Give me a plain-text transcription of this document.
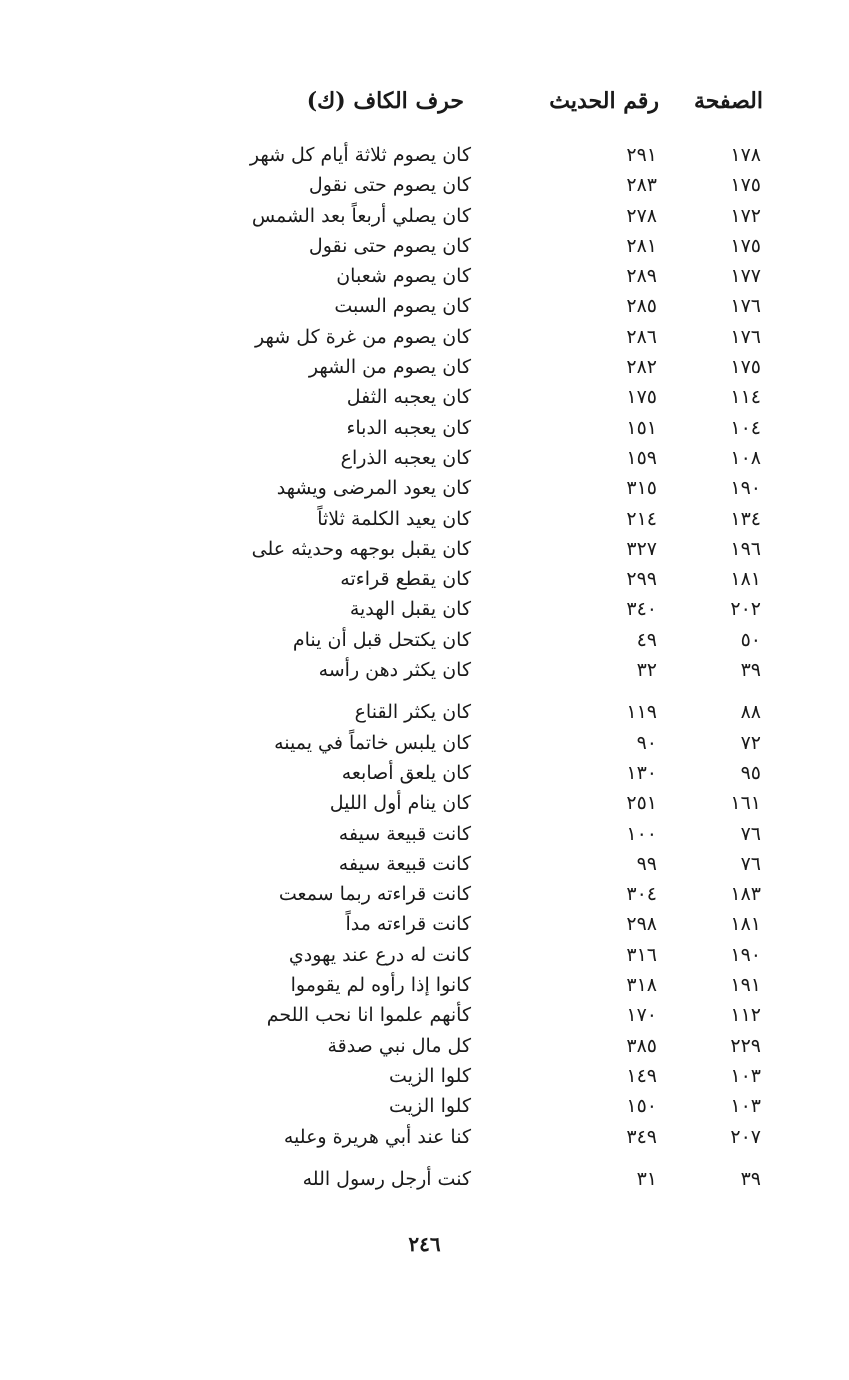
الصفحة
رقم الحديث
حرف الكاف (ك)
١٧٨
٢٩١
كان يصوم ثلاثة أيام كل شهر
١٧٥
٢٨٣
كان يصوم حتى نقول
١٧٢
٢٧٨
كان يصلي أربعاً بعد الشمس
١٧٥
٢٨١
كان يصوم حتى نقول
١٧٧
٢٨٩
كان يصوم شعبان
١٧٦
٢٨٥
كان يصوم السبت
١٧٦
٢٨٦
كان يصوم من غرة كل شهر
١٧٥
٢٨٢
كان يصوم من الشهر
١١٤
١٧٥
كان يعجبه الثفل
١٠٤
١٥١
كان يعجبه الدباء
١٠٨
١٥٩
كان يعجبه الذراع
١٩٠
٣١٥
كان يعود المرضى ويشهد
١٣٤
٢١٤
كان يعيد الكلمة ثلاثاً
١٩٦
٣٢٧
كان يقبل بوجهه وحديثه على
١٨١
٢٩٩
كان يقطع قراءته
٢٠٢
٣٤٠
كان يقبل الهدية
٥٠
٤٩
كان يكتحل قبل أن ينام
٣٩
٣٢
كان يكثر دهن رأسه
٨٨
١١٩
كان يكثر القناع
٧٢
٩٠
كان يلبس خاتماً في يمينه
٩٥
١٣٠
كان يلعق أصابعه
١٦١
٢٥١
كان ينام أول الليل
٧٦
١٠٠
كانت قبيعة سيفه
٧٦
٩٩
كانت قبيعة سيفه
١٨٣
٣٠٤
كانت قراءته ربما سمعت
١٨١
٢٩٨
كانت قراءته مداً
١٩٠
٣١٦
كانت له درع عند يهودي
١٩١
٣١٨
كانوا إذا رأوه لم يقوموا
١١٢
١٧٠
كأنهم علموا انا نحب اللحم
٢٢٩
٣٨٥
كل مال نبي صدقة
١٠٣
١٤٩
كلوا الزيت
١٠٣
١٥٠
كلوا الزيت
٢٠٧
٣٤٩
كنا عند أبي هريرة وعليه
٣٩
٣١
كنت أرجل رسول الله
٢٤٦
